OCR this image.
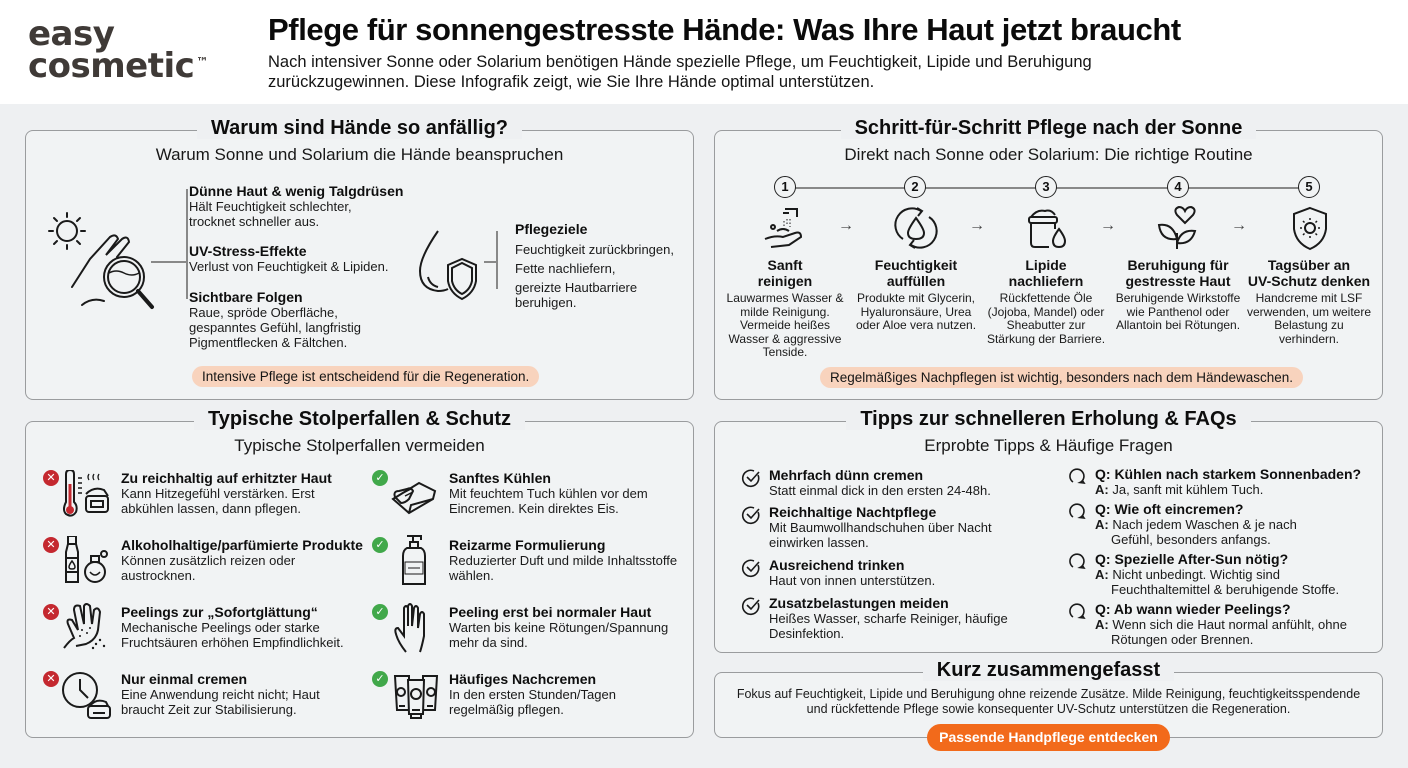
easy
cosmetic ™
Pflege für sonnengestresste Hände: Was Ihre Haut jetzt braucht

Nach intensiver Sonne oder Solarium benötigen Hände spezielle Pflege, um Feuchtigkeit, Lipide und Beruhigung zurückzugewinnen. Diese Infografik zeigt, wie Sie Ihre Hände optimal unterstützen.

Warum sind Hände so anfällig?
Warum Sonne und Solarium die Hände beanspruchen
Dünne Haut & wenig Talgdrüsen
Hält Feuchtigkeit schlechter, trocknet schneller aus.
UV-Stress-Effekte
Verlust von Feuchtigkeit & Lipiden.
Sichtbare Folgen
Raue, spröde Oberfläche, gespanntes Gefühl, langfristig Pigmentflecken & Fältchen.
Pflegeziele
Feuchtigkeit zurückbringen,
Fette nachliefern,
gereizte Hautbarriere beruhigen.
Intensive Pflege ist entscheidend für die Regeneration.
Schritt-für-Schritt Pflege nach der Sonne
Direkt nach Sonne oder Solarium: Die richtige Routine
1
Sanft
reinigen
Lauwarmes Wasser & milde Reinigung. Vermeide heißes Wasser & aggressive Tenside.
→
2
Feuchtigkeit
auffüllen
Produkte mit Glycerin, Hyaluronsäure, Urea oder Aloe vera nutzen.
→
3
Lipide
nachliefern
Rückfettende Öle (Jojoba, Mandel) oder Sheabutter zur Stärkung der Barriere.
→
4
Beruhigung für
gestresste Haut
Beruhigende Wirkstoffe wie Panthenol oder Allantoin bei Rötungen.
→
5
Tagsüber an
UV-Schutz denken
Handcreme mit LSF verwenden, um weitere Belastung zu verhindern.
Regelmäßiges Nachpflegen ist wichtig, besonders nach dem Händewaschen.
Typische Stolperfallen & Schutz
Typische Stolperfallen vermeiden
✕	Zu reichhaltig auf erhitzter Haut
Kann Hitzegefühl verstärken. Erst abkühlen lassen, dann pflegen.
✕	Alkoholhaltige/parfümierte Produkte
Können zusätzlich reizen oder austrocknen.
✕	Peelings zur „Sofortglättung“
Mechanische Peelings oder starke Fruchtsäuren erhöhen Empfindlichkeit.
✕	Nur einmal cremen
Eine Anwendung reicht nicht; Haut braucht Zeit zur Stabilisierung.
✓	Sanftes Kühlen
Mit feuchtem Tuch kühlen vor dem Eincremen. Kein direktes Eis.
✓	Reizarme Formulierung
Reduzierter Duft und milde Inhaltsstoffe wählen.
✓	Peeling erst bei normaler Haut
Warten bis keine Rötungen/Spannung mehr da sind.
✓	Häufiges Nachcremen
In den ersten Stunden/Tagen regelmäßig pflegen.
Tipps zur schnelleren Erholung & FAQs
Erprobte Tipps & Häufige Fragen
Mehrfach dünn cremen
Statt einmal dick in den ersten 24-48h.
Reichhaltige Nachtpflege
Mit Baumwollhandschuhen über Nacht einwirken lassen.
Ausreichend trinken
Haut von innen unterstützen.
Zusatzbelastungen meiden
Heißes Wasser, scharfe Reiniger, häufige Desinfektion.
Q: Kühlen nach starkem Sonnenbaden?
A: Ja, sanft mit kühlem Tuch.
Q: Wie oft eincremen?
A: Nach jedem Waschen & je nach Gefühl, besonders anfangs.
Q: Spezielle After-Sun nötig?
A: Nicht unbedingt. Wichtig sind Feuchthaltemittel & beruhigende Stoffe.
Q: Ab wann wieder Peelings?
A: Wenn sich die Haut normal anfühlt, ohne Rötungen oder Brennen.
Kurz zusammengefasst
Fokus auf Feuchtigkeit, Lipide und Beruhigung ohne reizende Zusätze. Milde Reinigung, feuchtigkeitsspendende und rückfettende Pflege sowie konsequenter UV-Schutz unterstützen die Regeneration.
Passende Handpflege entdecken
